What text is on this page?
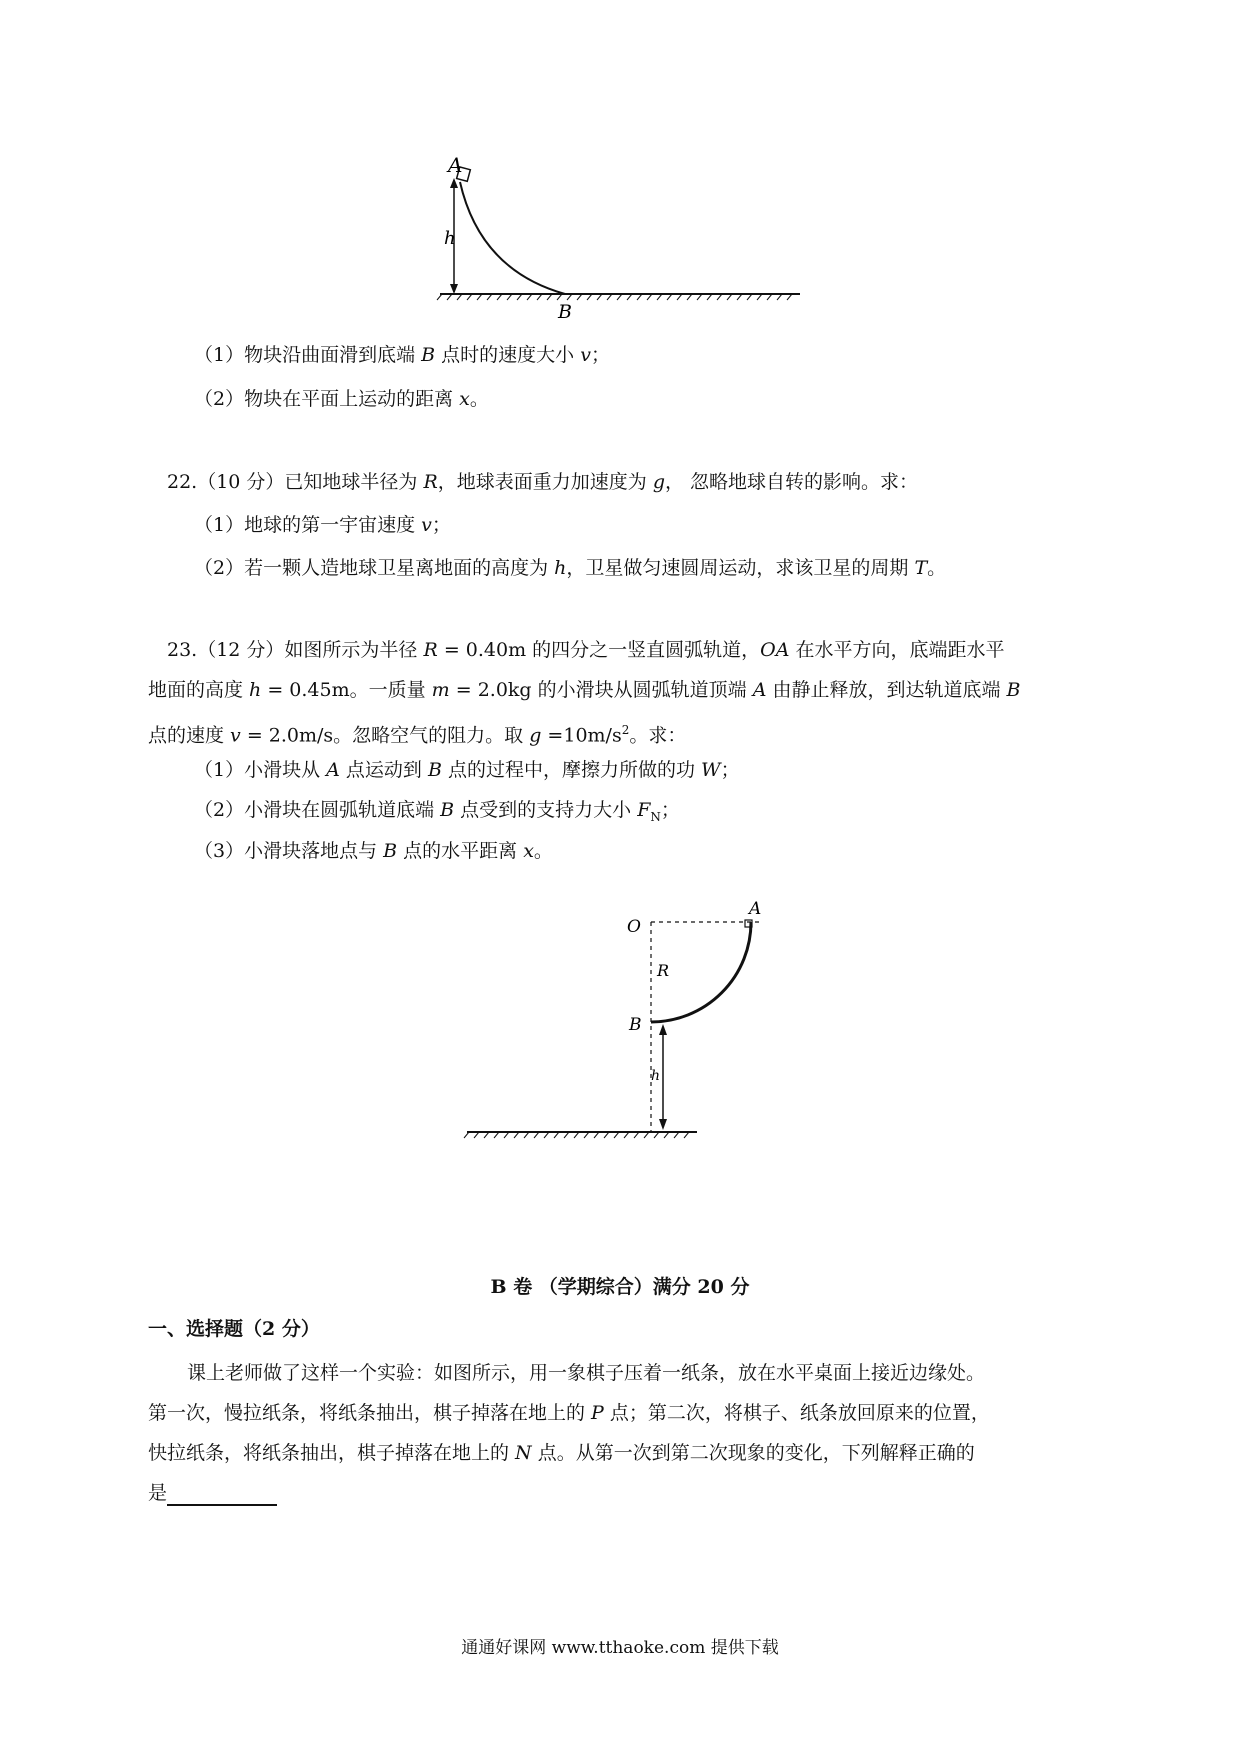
A
h
B
（1）物块沿曲面滑到底端 B 点时的速度大小 v；
（2）物块在平面上运动的距离 x。
22.（10 分）已知地球半径为 R，地球表面重力加速度为 g， 忽略地球自转的影响。求：
（1）地球的第一宇宙速度 v；
（2）若一颗人造地球卫星离地面的高度为 h，卫星做匀速圆周运动，求该卫星的周期 T。
23.（12 分）如图所示为半径 R = 0.40m 的四分之一竖直圆弧轨道，OA 在水平方向，底端距水平
地面的高度 h = 0.45m。一质量 m = 2.0kg 的小滑块从圆弧轨道顶端 A 由静止释放，到达轨道底端 B
点的速度 v = 2.0m/s。忽略空气的阻力。取 $g =10m/s^2$。求：
（1）小滑块从 A 点运动到 B 点的过程中，摩擦力所做的功 W；
（2）小滑块在圆弧轨道底端 B 点受到的支持力大小 $F_N$；
（3）小滑块落地点与 B 点的水平距离 x。
O
R
B
h
A
B 卷 （学期综合）满分 20 分
一、选择题（2 分）
课上老师做了这样一个实验：如图所示，用一象棋子压着一纸条，放在水平桌面上接近边缘处。
第一次，慢拉纸条，将纸条抽出，棋子掉落在地上的 P 点；第二次，将棋子、纸条放回原来的位置，
快拉纸条，将纸条抽出，棋子掉落在地上的 N 点。从第一次到第二次现象的变化，下列解释正确的
是
通通好课网 www.tthaoke.com 提供下载
